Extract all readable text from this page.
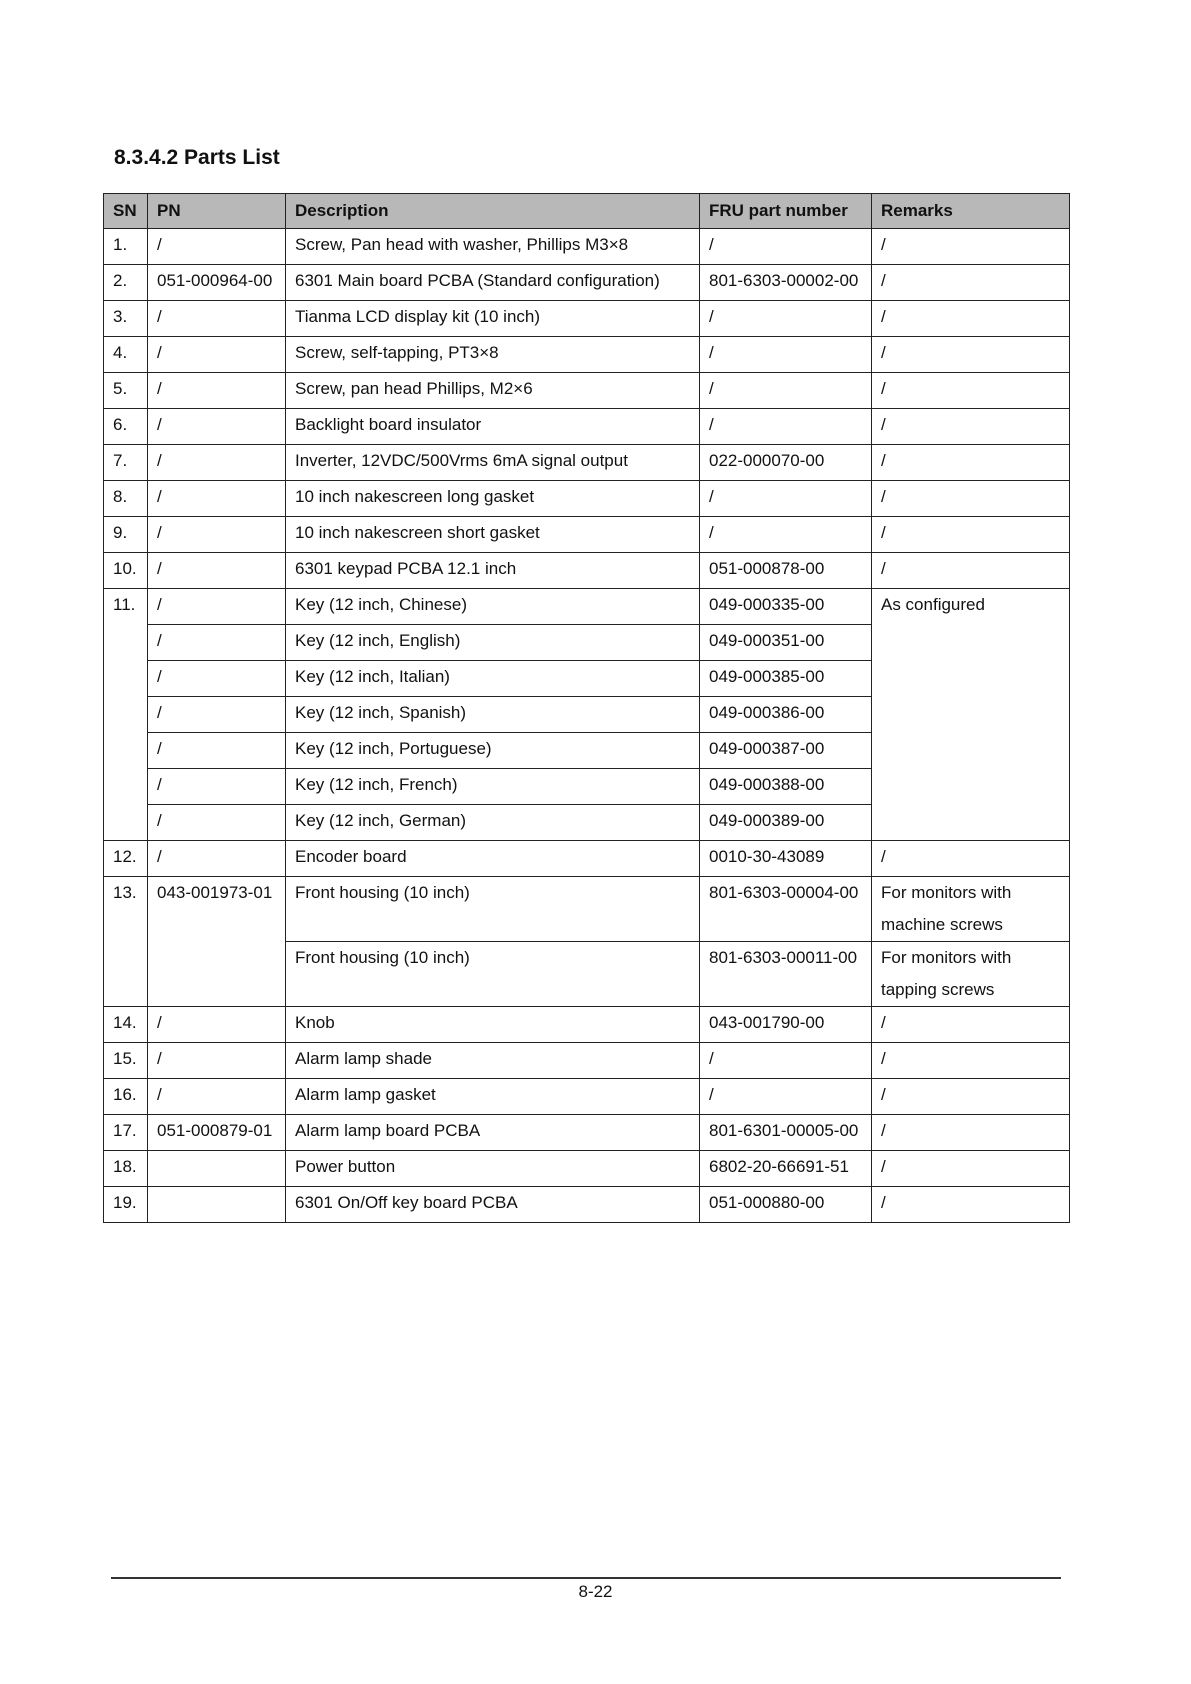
8.3.4.2 Parts List
SN	PN	Description	FRU part number	Remarks
1.	/	Screw, Pan head with washer, Phillips M3×8	/	/
2.	051-000964-00	6301 Main board PCBA (Standard configuration)	801-6303-00002-00	/
3.	/	Tianma LCD display kit (10 inch)	/	/
4.	/	Screw, self-tapping, PT3×8	/	/
5.	/	Screw, pan head Phillips, M2×6	/	/
6.	/	Backlight board insulator	/	/
7.	/	Inverter, 12VDC/500Vrms 6mA signal output	022-000070-00	/
8.	/	10 inch nakescreen long gasket	/	/
9.	/	10 inch nakescreen short gasket	/	/
10.	/	6301 keypad PCBA 12.1 inch	051-000878-00	/
11.	/	Key (12 inch, Chinese)	049-000335-00	As configured
	/	Key (12 inch, English)	049-000351-00	
	/	Key (12 inch, Italian)	049-000385-00	
	/	Key (12 inch, Spanish)	049-000386-00	
	/	Key (12 inch, Portuguese)	049-000387-00	
	/	Key (12 inch, French)	049-000388-00	
	/	Key (12 inch, German)	049-000389-00	
12.	/	Encoder board	0010-30-43089	/
13.	043-001973-01	Front housing (10 inch)	801-6303-00004-00	For monitors with
machine screws

		Front housing (10 inch)	801-6303-00011-00	For monitors with
tapping screws

14.	/	Knob	043-001790-00	/
15.	/	Alarm lamp shade	/	/
16.	/	Alarm lamp gasket	/	/
17.	051-000879-01	Alarm lamp board PCBA	801-6301-00005-00	/
18.		Power button	6802-20-66691-51	/
19.		6301 On/Off key board PCBA	051-000880-00	/
8-22
